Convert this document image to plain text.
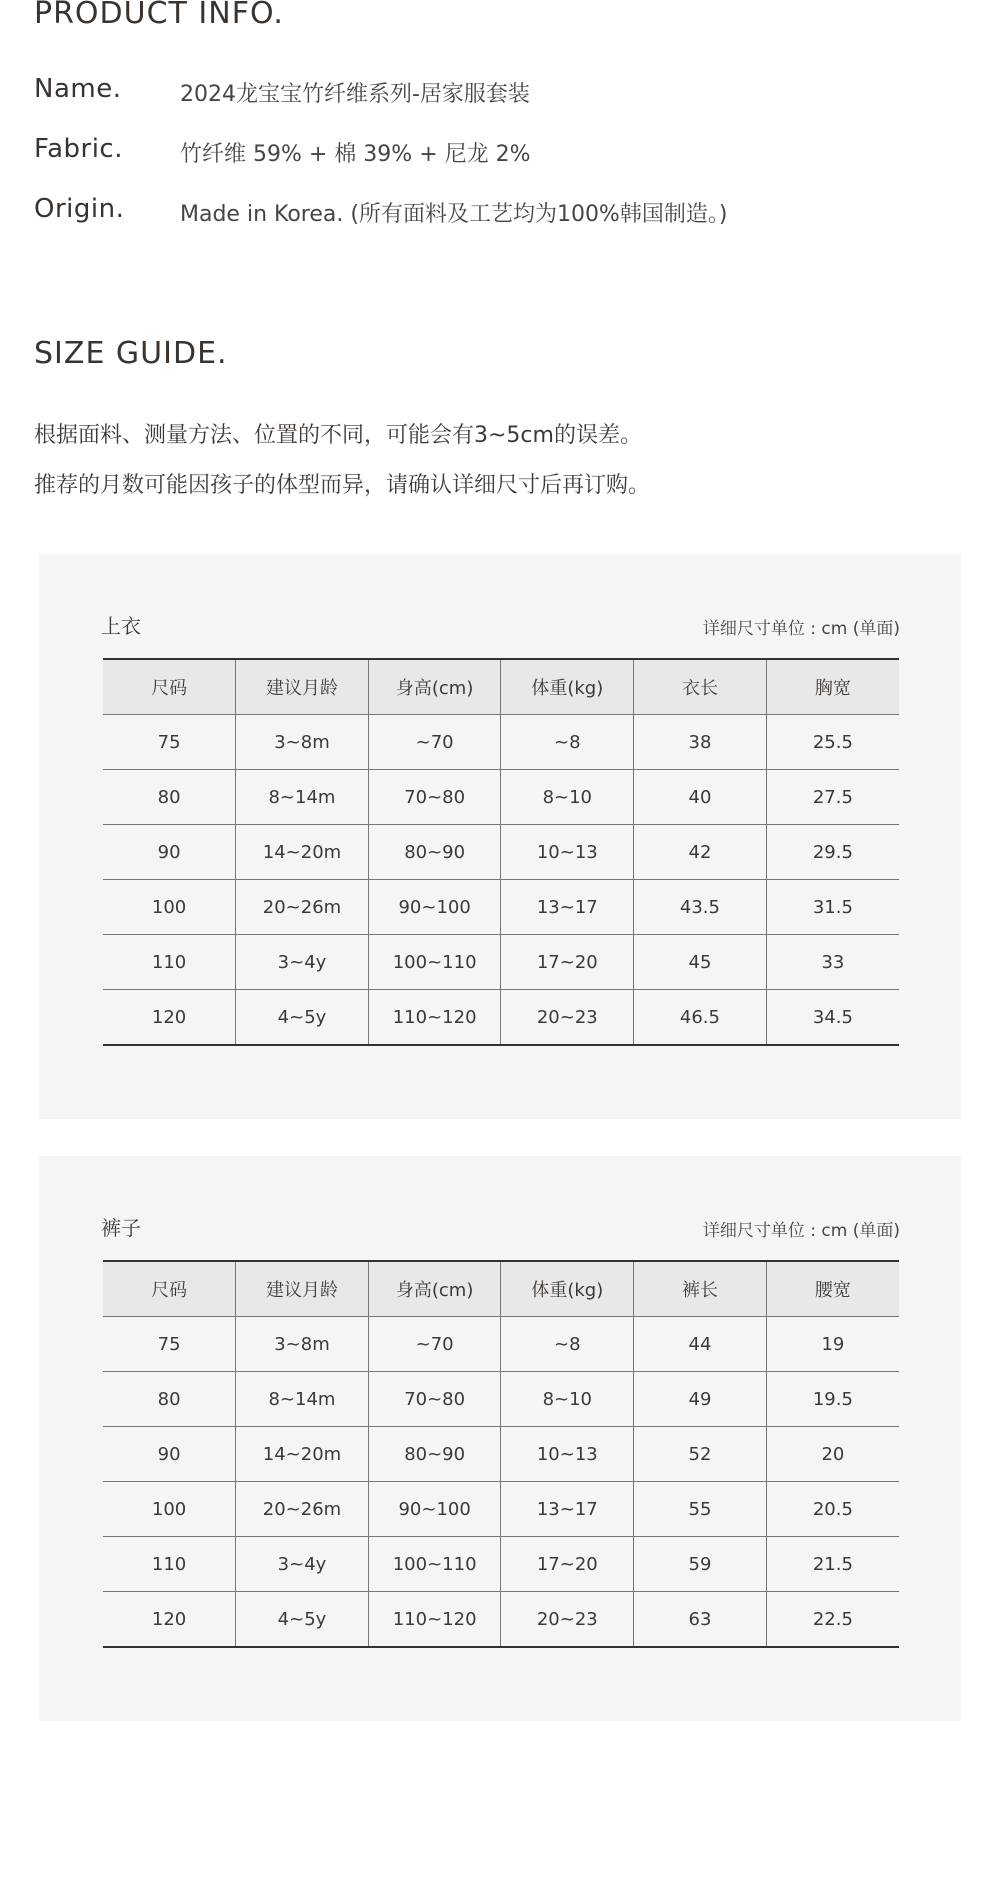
PRODUCT INFO.
Name.	2024龙宝宝竹纤维系列-居家服套装
Fabric.	竹纤维 59% + 棉 39% + 尼龙 2%
Origin.	Made in Korea. (所有面料及工艺均为100%韩国制造。)
SIZE GUIDE.
根据面料、测量方法、位置的不同，可能会有3~5cm的误差。
推荐的月数可能因孩子的体型而异，请确认详细尺寸后再订购。
上衣	详细尺寸单位 : cm (单面)
尺码	建议月龄	身高(cm)	体重(kg)	衣长	胸宽
75	3~8m	~70	~8	38	25.5
80	8~14m	70~80	8~10	40	27.5
90	14~20m	80~90	10~13	42	29.5
100	20~26m	90~100	13~17	43.5	31.5
110	3~4y	100~110	17~20	45	33
120	4~5y	110~120	20~23	46.5	34.5
裤子	详细尺寸单位 : cm (单面)
尺码	建议月龄	身高(cm)	体重(kg)	裤长	腰宽
75	3~8m	~70	~8	44	19
80	8~14m	70~80	8~10	49	19.5
90	14~20m	80~90	10~13	52	20
100	20~26m	90~100	13~17	55	20.5
110	3~4y	100~110	17~20	59	21.5
120	4~5y	110~120	20~23	63	22.5
